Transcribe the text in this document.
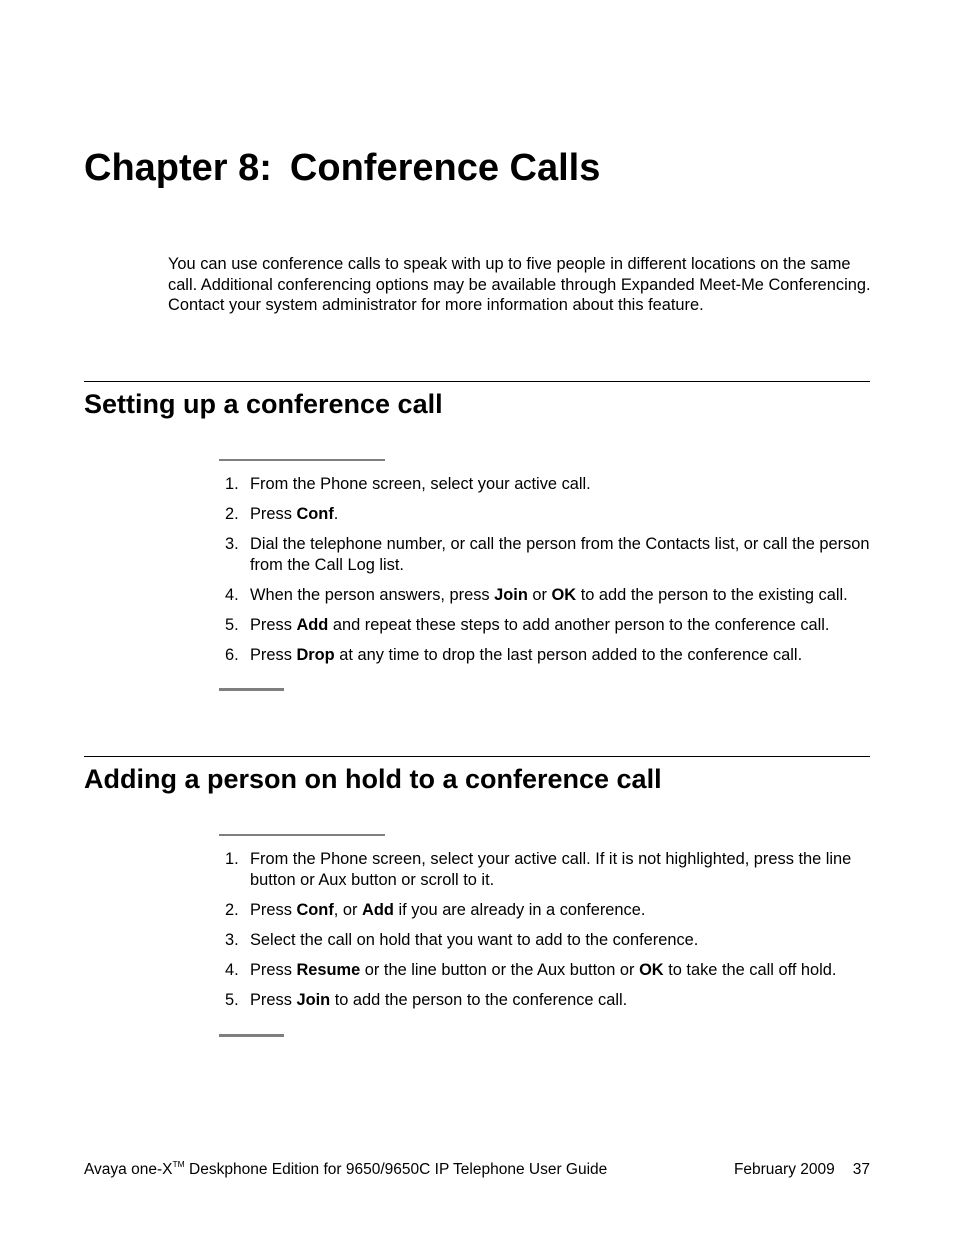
Chapter 8: Conference Calls

You can use conference calls to speak with up to five people in different locations on the same call. Additional conferencing options may be available through Expanded Meet-Me Conferencing. Contact your system administrator for more information about this feature.

Setting up a conference call
1. From the Phone screen, select your active call.
2. Press Conf.
3. Dial the telephone number, or call the person from the Contacts list, or call the person from the Call Log list.
4. When the person answers, press Join or OK to add the person to the existing call.
5. Press Add and repeat these steps to add another person to the conference call.
6. Press Drop at any time to drop the last person added to the conference call.
Adding a person on hold to a conference call
1. From the Phone screen, select your active call. If it is not highlighted, press the line button or Aux button or scroll to it.
2. Press Conf, or Add if you are already in a conference.
3. Select the call on hold that you want to add to the conference.
4. Press Resume or the line button or the Aux button or OK to take the call off hold.
5. Press Join to add the person to the conference call.
Avaya one-X™ Deskphone Edition for 9650/9650C IP Telephone User Guide	February 2009 37
